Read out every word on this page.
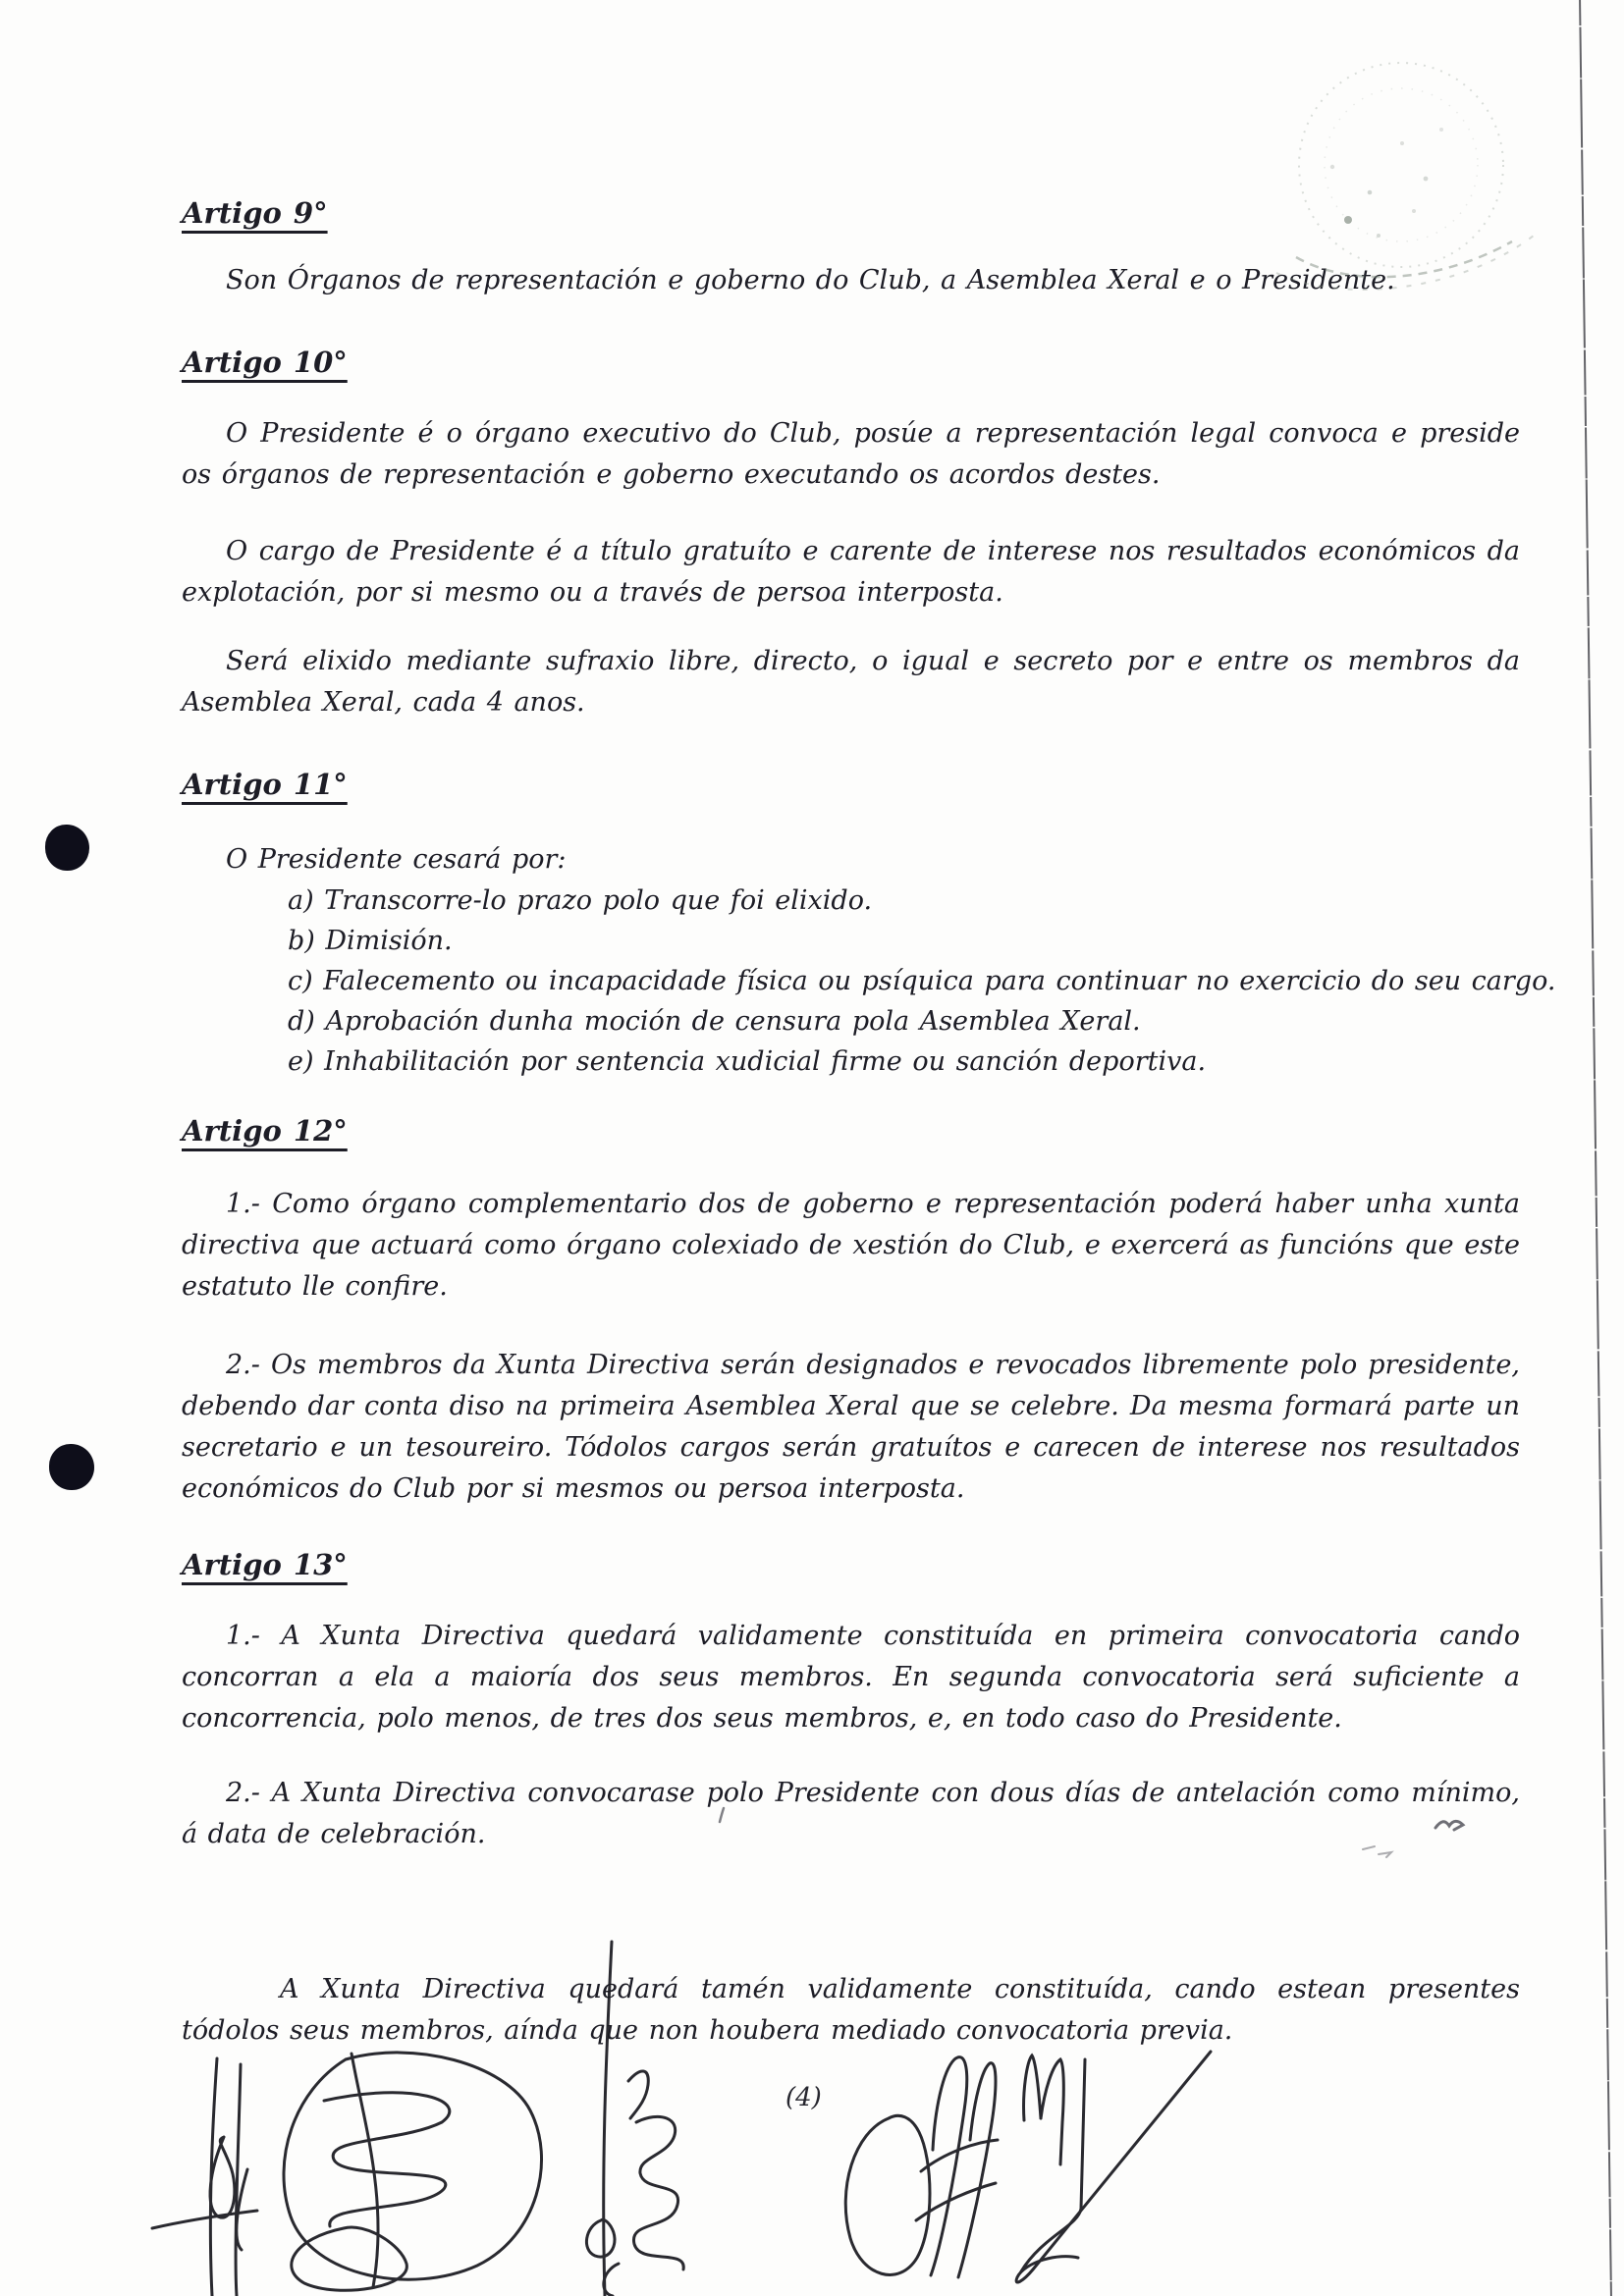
Artigo 9°

Son Órganos de representación e goberno do Club, a Asemblea Xeral e o Presidente.

Artigo 10°

O Presidente é o órgano executivo do Club, posúe a representación legal convoca e preside os órganos de representación e goberno executando os acordos destes.

O cargo de Presidente é a título gratuíto e carente de interese nos resultados económicos da explotación, por si mesmo ou a través de persoa interposta.

Será elixido mediante sufraxio libre, directo, o igual e secreto por e entre os membros da Asemblea Xeral, cada 4 anos.

Artigo 11°

O Presidente cesará por:

a) Transcorre-lo prazo polo que foi elixido.
b) Dimisión.
c) Falecemento ou incapacidade física ou psíquica para continuar no exercicio do seu cargo.
d) Aprobación dunha moción de censura pola Asemblea Xeral.
e) Inhabilitación por sentencia xudicial firme ou sanción deportiva.
Artigo 12°

1.- Como órgano complementario dos de goberno e representación poderá haber unha xunta directiva que actuará como órgano colexiado de xestión do Club, e exercerá as funcións que este estatuto lle confire.

2.- Os membros da Xunta Directiva serán designados e revocados libremente polo presidente, debendo dar conta diso na primeira Asemblea Xeral que se celebre. Da mesma formará parte un secretario e un tesoureiro. Tódolos cargos serán gratuítos e carecen de interese nos resultados económicos do Club por si mesmos ou persoa interposta.

Artigo 13°

1.- A Xunta Directiva quedará validamente constituída en primeira convocatoria cando concorran a ela a maioría dos seus membros. En segunda convocatoria será suficiente a concorrencia, polo menos, de tres dos seus membros, e, en todo caso do Presidente.

2.- A Xunta Directiva convocarase polo Presidente con dous días de antelación como mínimo, á data de celebración.

A Xunta Directiva quedará tamén validamente constituída, cando estean presentes tódolos seus membros, aínda que non houbera mediado convocatoria previa.

(4)
